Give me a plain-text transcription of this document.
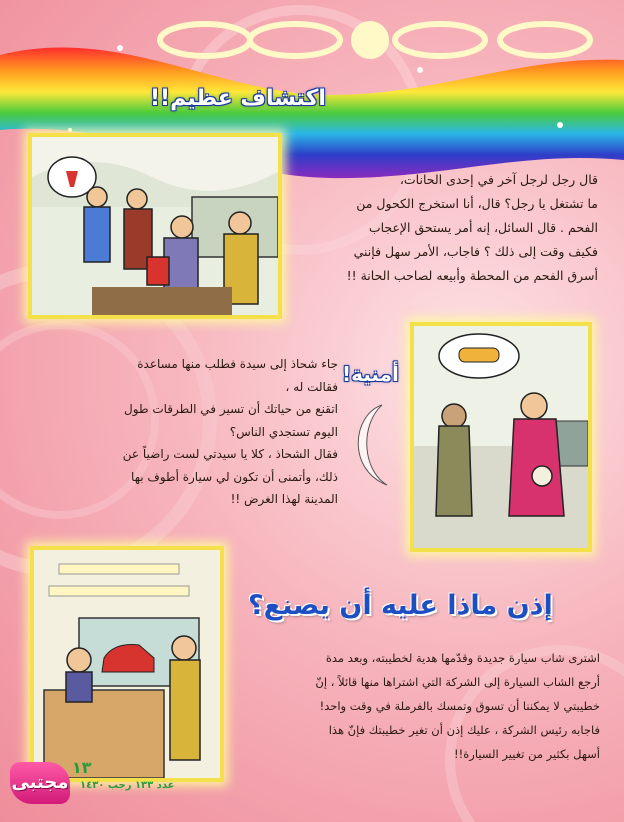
اكتشاف عظيم!!

قال رجل لرجل آخر في إحدى الحانات،

ما تشتغل يا رجل؟ قال، أنا استخرج الكحول من

الفحم . قال السائل، إنه أمر يستحق الإعجاب

فكيف وقت إلى ذلك ؟ فاجاب، الأمر سهل فإنني

أسرق الفحم من المحطة وأبيعه لصاحب الحانة !!

أمنية!

جاء شحاذ إلى سيدة فطلب منها مساعدة

فقالت له ،

اتقنع من حياتك أن تسير في الطرقات طول

اليوم تستجدي الناس؟

فقال الشحاذ ، كلا يا سيدتي لست راضياً عن

ذلك، وأتمنى أن تكون لي سيارة أطوف بها

المدينة لهذا الغرض !!

إذن ماذا عليه أن يصنع؟

اشترى شاب سيارة جديدة وقدّمها هدية لخطيبته، وبعد مدة

أرجع الشاب السيارة إلى الشركة التي اشتراها منها قائلاً ، إنّ

خطيبتي لا يمكننا أن تسوق وتمسك بالفرملة في وقت واحد!

فاجابه رئيس الشركة ، عليك إذن أن تغير خطيبتك فإنّ هذا

أسهل بكثير من تغيير السيارة!!

مجتبى
١٣
عدد ١٣٣ رجب ١٤٣٠
